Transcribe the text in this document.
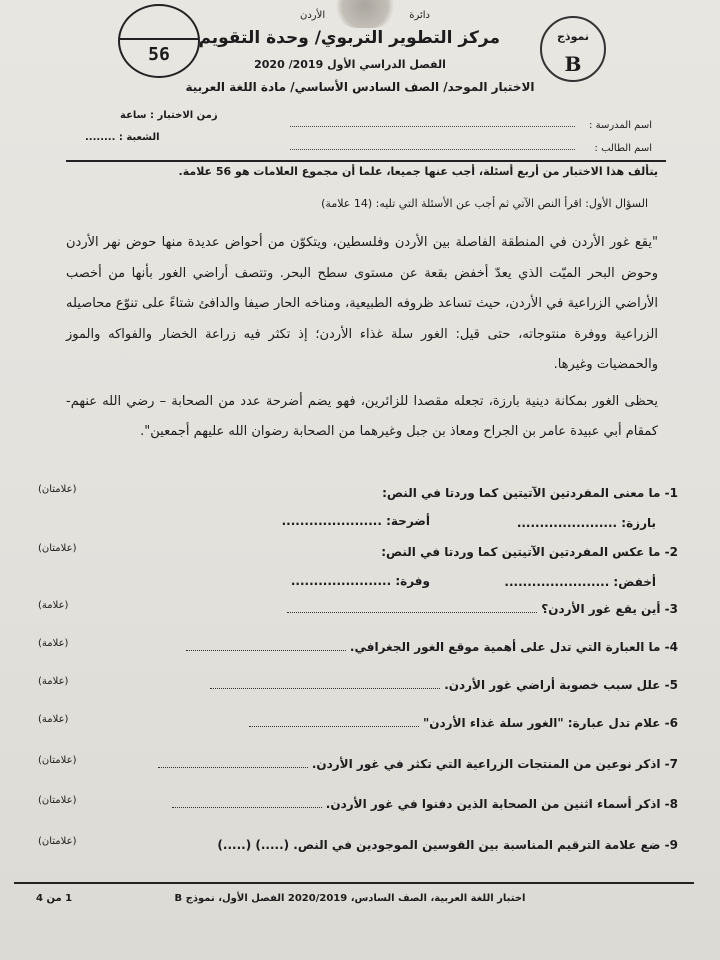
دائرة
الأردن
مركز التطوير التربوي/ وحدة التقويم
الفصل الدراسي الأول 2019/ 2020
الاختبار الموحد/ الصف السادس الأساسي/ مادة اللغة العربية
56
نموذج
B
اسم المدرسة :
اسم الطالب :
زمن الاختبار : ساعة
الشعبة : ........
يتألف هذا الاختبار من أربع أسئلة، أجب عنها جميعا، علما أن مجموع العلامات هو 56 علامة.
السؤال الأول: اقرأ النص الآتي ثم أجب عن الأسئلة التي تليه: (14 علامة)

"يقع غور الأردن في المنطقة الفاصلة بين الأردن وفلسطين، ويتكوّن من أحواض عديدة منها حوض نهر الأردن وحوض البحر الميّت الذي يعدّ أخفض بقعة عن مستوى سطح البحر. وتتصف أراضي الغور بأنها من أخصب الأراضي الزراعية في الأردن، حيث تساعد ظروفه الطبيعية، ومناخه الحار صيفا والدافئ شتاءً على تنوّع محاصيله الزراعية ووفرة منتوجاته، حتى قيل: الغور سلة غذاء الأردن؛ إذ تكثر فيه زراعة الخضار والفواكه والموز والحمضيات وغيرها.

يحظى الغور بمكانة دينية بارزة، تجعله مقصدا للزائرين، فهو يضم أضرحة عدد من الصحابة – رضي الله عنهم- كمقام أبي عبيدة عامر بن الجراح ومعاذ بن جبل وغيرهما من الصحابة رضوان الله عليهم أجمعين".

1- ما معنى المفردتين الآتيتين كما وردتا في النص:
(علامتان)
بارزة: ......................
أضرحة: ......................
2- ما عكس المفردتين الآتيتين كما وردتا في النص:
(علامتان)
أخفض: .......................
وفرة: ......................
3- أين يقع غور الأردن؟
(علامة)
4- ما العبارة التي تدل على أهمية موقع الغور الجغرافي.
(علامة)
5- علل سبب خصوبة أراضي غور الأردن.
(علامة)
6- علام تدل عبارة: "الغور سلة غذاء الأردن"
(علامة)
7- اذكر نوعين من المنتجات الزراعية التي تكثر في غور الأردن.
(علامتان)
8- اذكر أسماء اثنين من الصحابة الذين دفنوا في غور الأردن.
(علامتان)
9- ضع علامة الترقيم المناسبة بين القوسين الموجودين في النص. (.....) (.....)
(علامتان)
اختبار اللغة العربية، الصف السادس، 2020/2019 الفصل الأول، نموذج B
1 من 4
